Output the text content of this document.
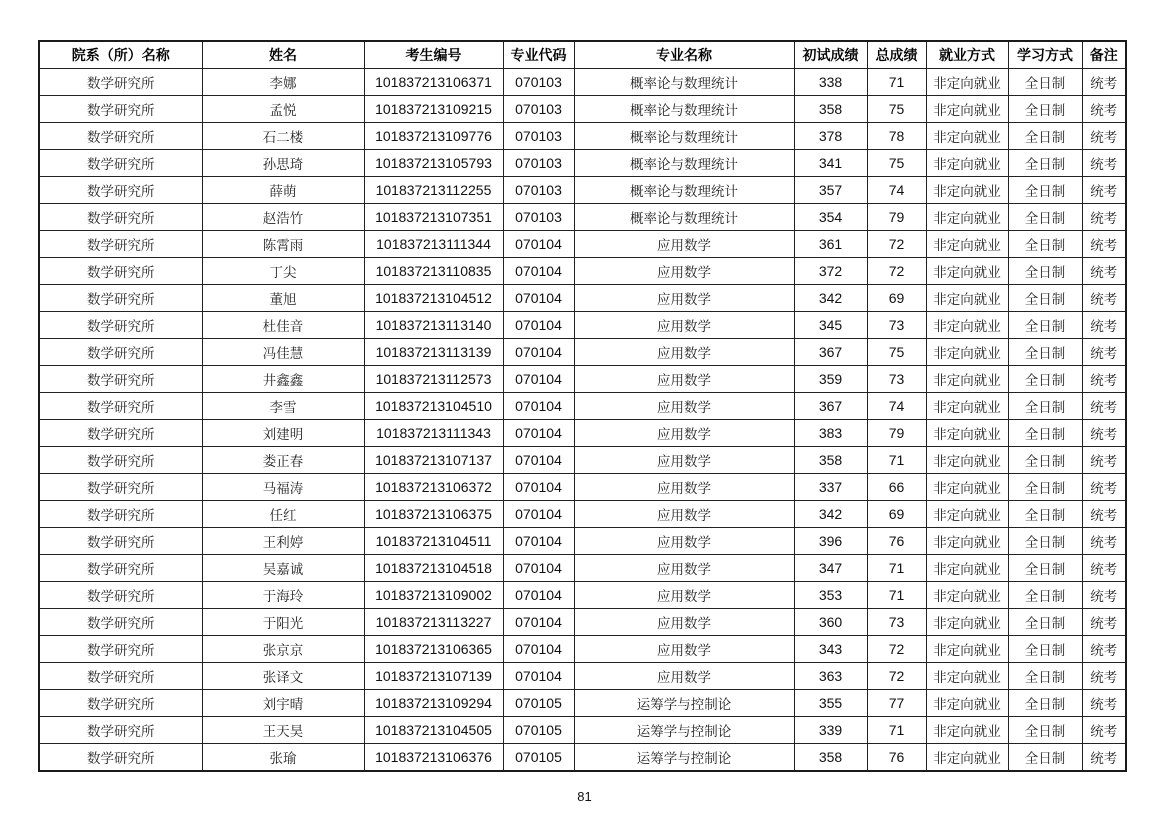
院系（所）名称	姓名	考生编号	专业代码	专业名称	初试成绩	总成绩	就业方式	学习方式	备注
数学研究所	李娜	101837213106371	070103	概率论与数理统计	338	71	非定向就业	全日制	统考
数学研究所	孟悦	101837213109215	070103	概率论与数理统计	358	75	非定向就业	全日制	统考
数学研究所	石二楼	101837213109776	070103	概率论与数理统计	378	78	非定向就业	全日制	统考
数学研究所	孙思琦	101837213105793	070103	概率论与数理统计	341	75	非定向就业	全日制	统考
数学研究所	薛萌	101837213112255	070103	概率论与数理统计	357	74	非定向就业	全日制	统考
数学研究所	赵浩竹	101837213107351	070103	概率论与数理统计	354	79	非定向就业	全日制	统考
数学研究所	陈霄雨	101837213111344	070104	应用数学	361	72	非定向就业	全日制	统考
数学研究所	丁尖	101837213110835	070104	应用数学	372	72	非定向就业	全日制	统考
数学研究所	董旭	101837213104512	070104	应用数学	342	69	非定向就业	全日制	统考
数学研究所	杜佳音	101837213113140	070104	应用数学	345	73	非定向就业	全日制	统考
数学研究所	冯佳慧	101837213113139	070104	应用数学	367	75	非定向就业	全日制	统考
数学研究所	井鑫鑫	101837213112573	070104	应用数学	359	73	非定向就业	全日制	统考
数学研究所	李雪	101837213104510	070104	应用数学	367	74	非定向就业	全日制	统考
数学研究所	刘建明	101837213111343	070104	应用数学	383	79	非定向就业	全日制	统考
数学研究所	娄正春	101837213107137	070104	应用数学	358	71	非定向就业	全日制	统考
数学研究所	马福涛	101837213106372	070104	应用数学	337	66	非定向就业	全日制	统考
数学研究所	任红	101837213106375	070104	应用数学	342	69	非定向就业	全日制	统考
数学研究所	王利婷	101837213104511	070104	应用数学	396	76	非定向就业	全日制	统考
数学研究所	吴嘉诚	101837213104518	070104	应用数学	347	71	非定向就业	全日制	统考
数学研究所	于海玲	101837213109002	070104	应用数学	353	71	非定向就业	全日制	统考
数学研究所	于阳光	101837213113227	070104	应用数学	360	73	非定向就业	全日制	统考
数学研究所	张京京	101837213106365	070104	应用数学	343	72	非定向就业	全日制	统考
数学研究所	张译文	101837213107139	070104	应用数学	363	72	非定向就业	全日制	统考
数学研究所	刘宇晴	101837213109294	070105	运筹学与控制论	355	77	非定向就业	全日制	统考
数学研究所	王天昊	101837213104505	070105	运筹学与控制论	339	71	非定向就业	全日制	统考
数学研究所	张瑜	101837213106376	070105	运筹学与控制论	358	76	非定向就业	全日制	统考
81
